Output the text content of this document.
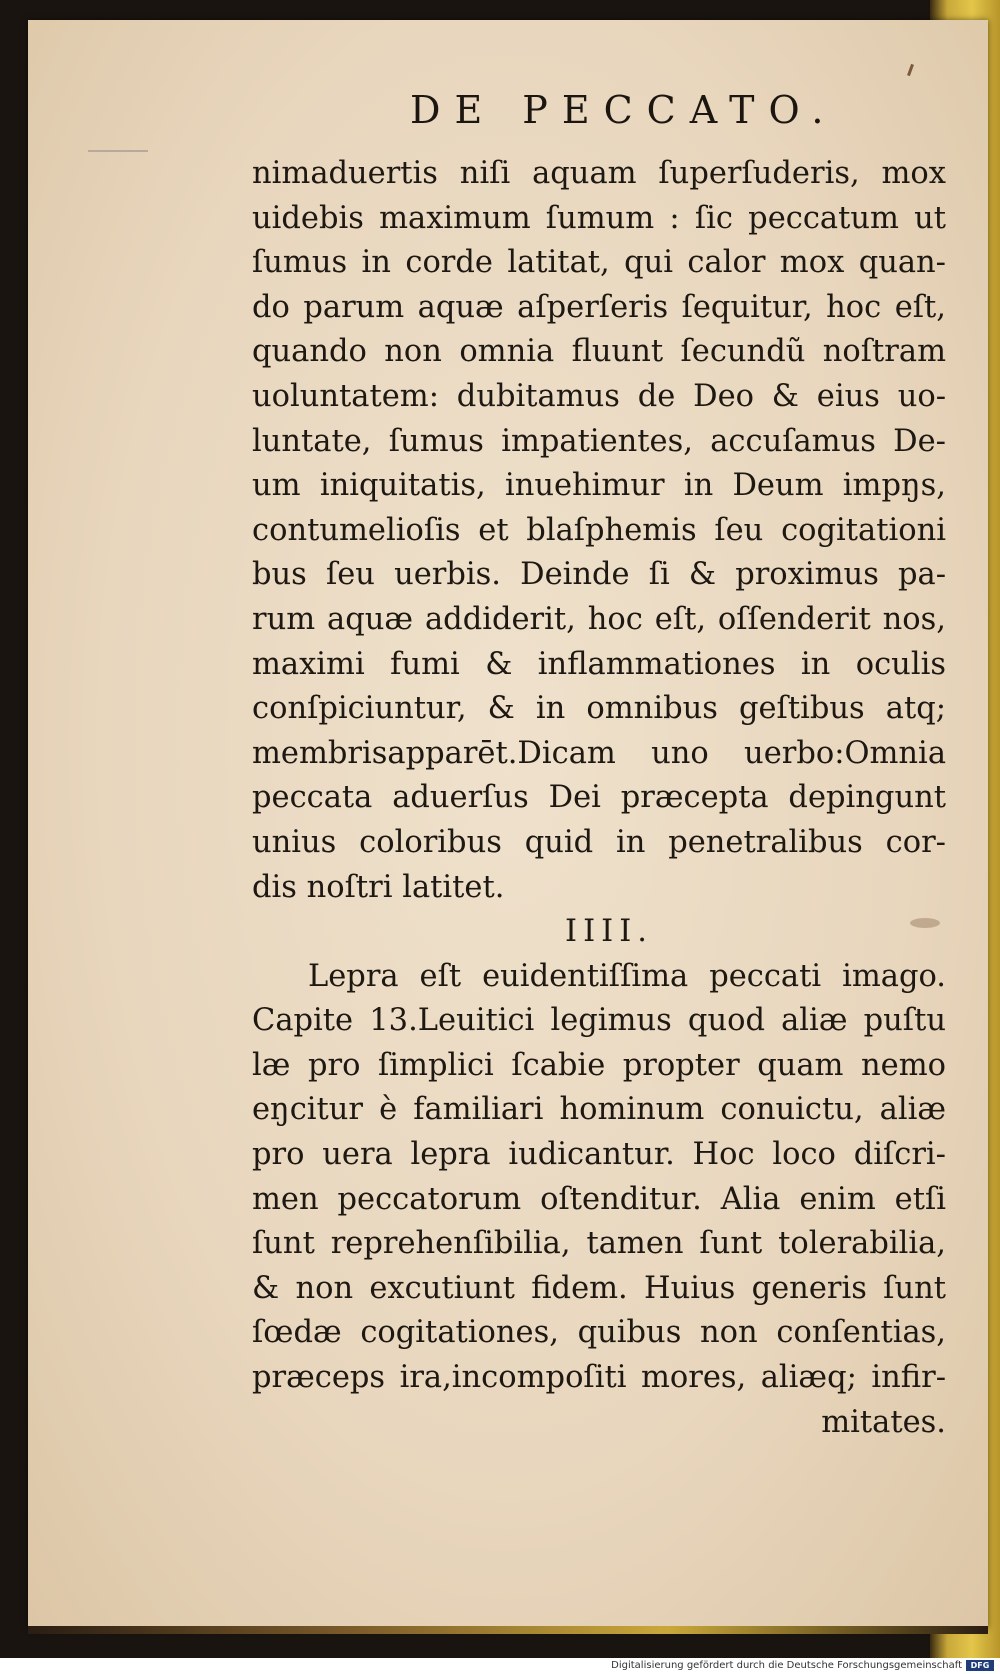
DE PECCATO.
nimaduertis niſi aquam ſuperſuderis, mox
uidebis maximum ſumum : ſic peccatum ut
ſumus in corde latitat, qui calor mox quan-
do parum aquæ aſperſeris ſequitur, hoc eſt,
quando non omnia fluunt ſecundũ noſtram
uoluntatem: dubitamus de Deo & eius uo-
luntate, ſumus impatientes, accuſamus De-
um iniquitatis, inuehimur in Deum impŋs,
contumelioſis et blaſphemis ſeu cogitationi
bus ſeu uerbis. Deinde ſi & proximus pa-
rum aquæ addiderit, hoc eſt, oſſenderit nos,
maximi fumi & inflammationes in oculis
conſpiciuntur, & in omnibus geſtibus atq;
membrisapparēt.Dicam uno uerbo:Omnia
peccata aduerſus Dei præcepta depingunt
unius coloribus quid in penetralibus cor-
dis noſtri latitet.
IIII.
Lepra eſt euidentiſſima peccati imago.
Capite 13.Leuitici legimus quod aliæ puſtu
læ pro ſimplici ſcabie propter quam nemo
eŋcitur è familiari hominum conuictu, aliæ
pro uera lepra iudicantur. Hoc loco diſcri-
men peccatorum oſtenditur. Alia enim etſi
ſunt reprehenſibilia, tamen ſunt tolerabilia,
& non excutiunt fidem. Huius generis ſunt
ſœdæ cogitationes, quibus non conſentias,
præceps ira,incompoſiti mores, aliæq; infir-
mitates.
Digitalisierung gefördert durch die Deutsche Forschungsgemeinschaft	DFG
